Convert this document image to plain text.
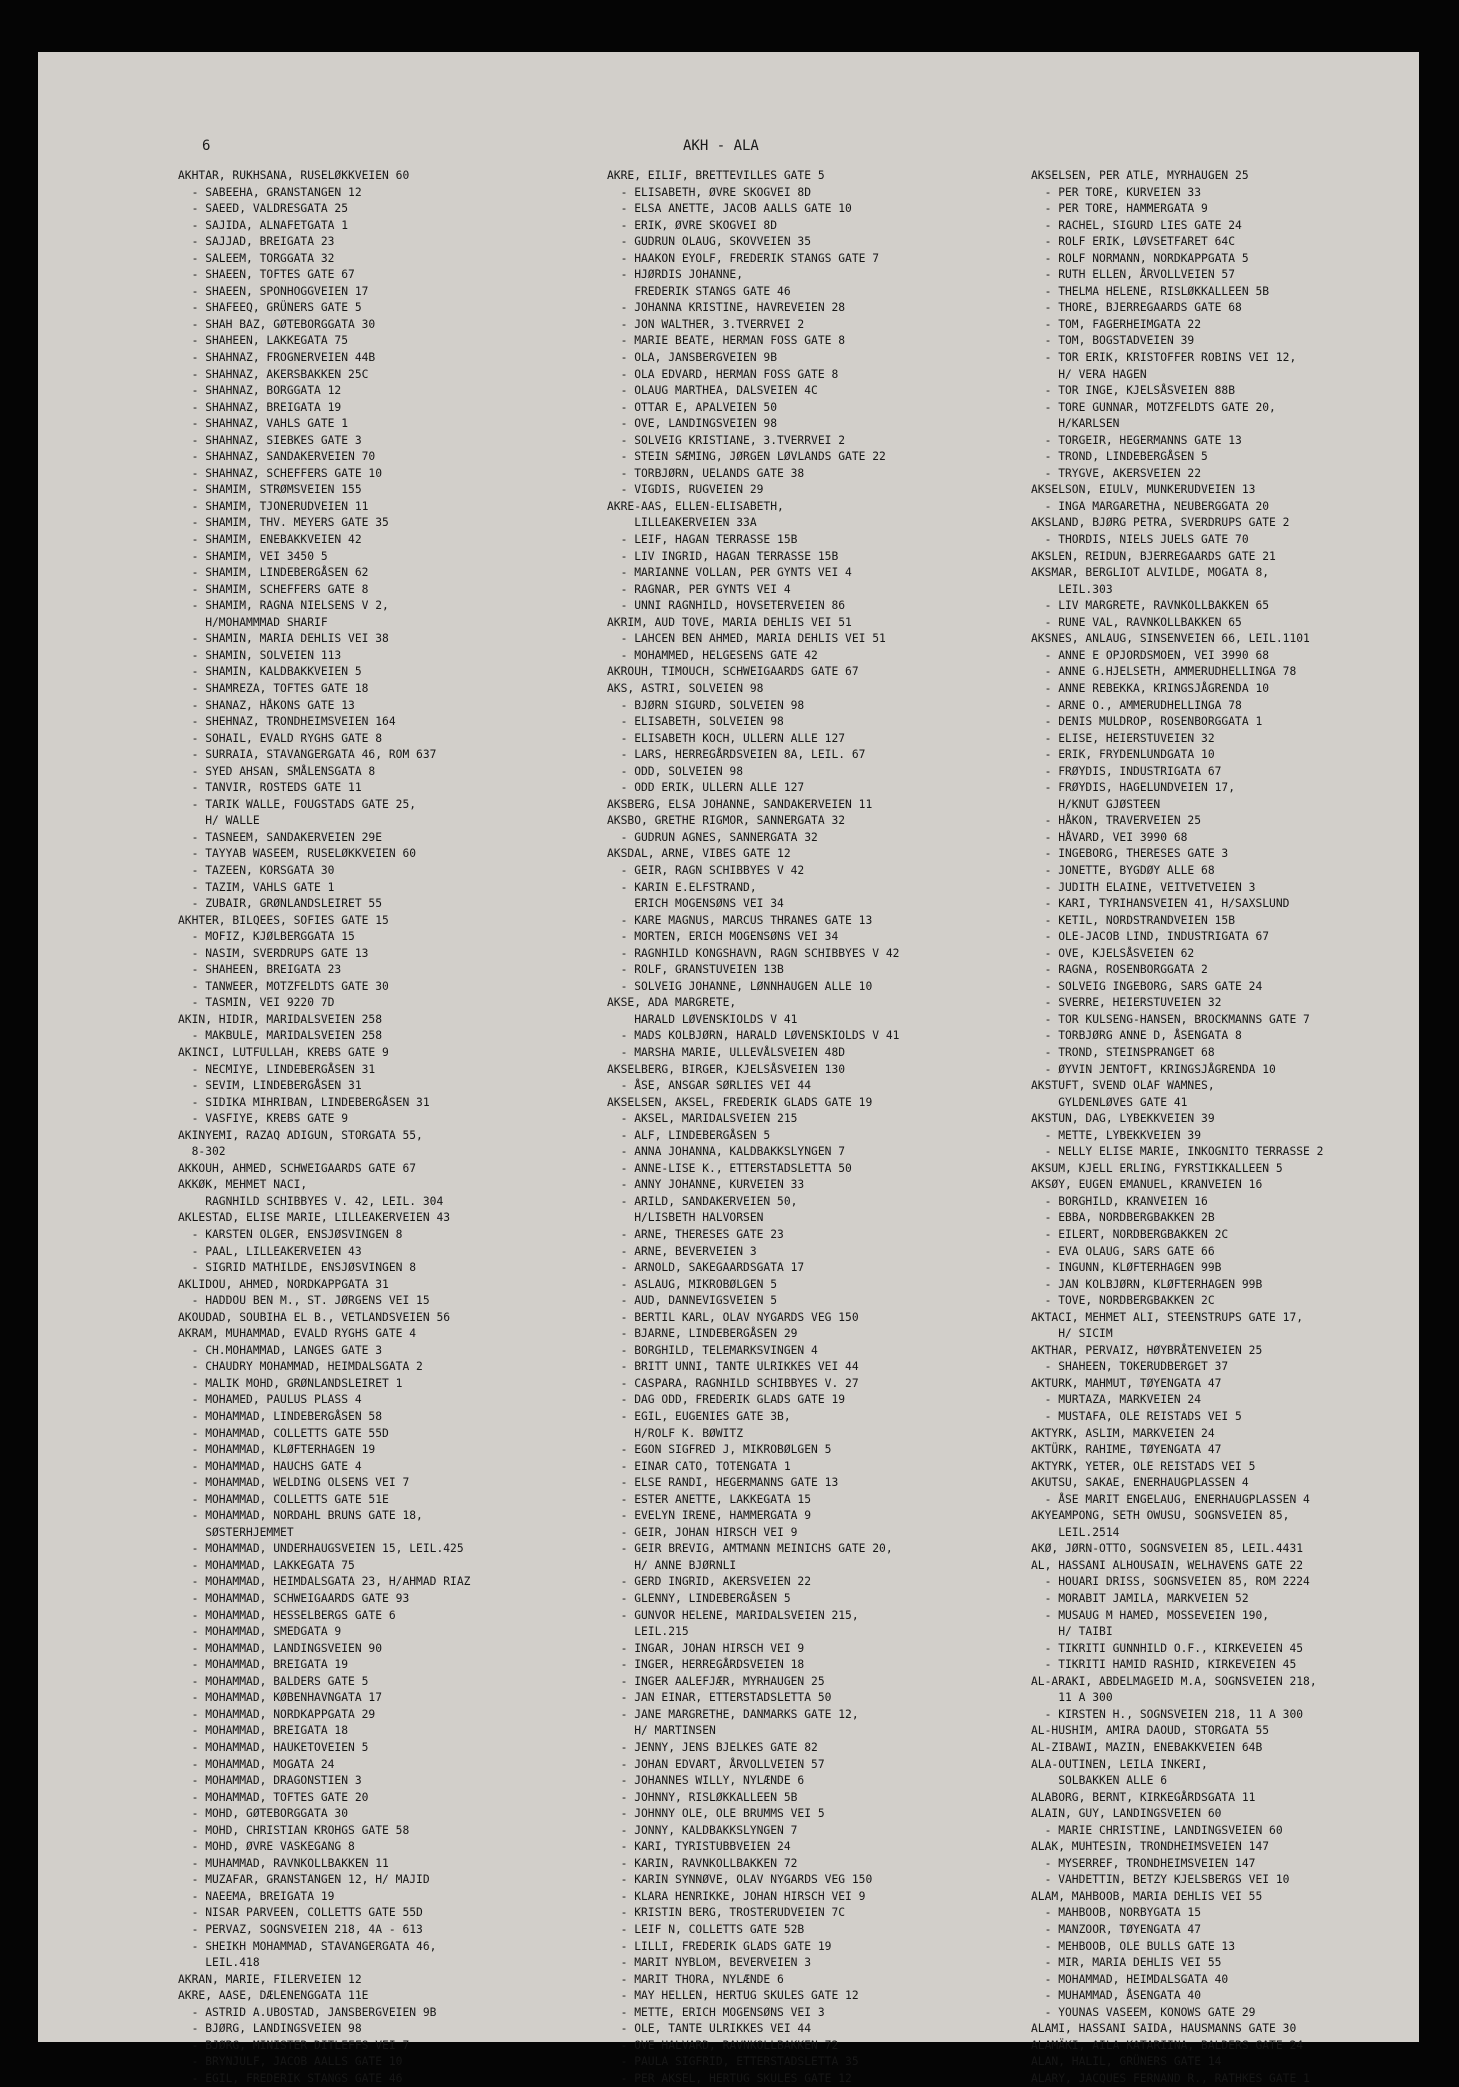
6	AKH - ALA
AKHTAR, RUKHSANA, RUSELØKKVEIEN 60
- SABEEHA, GRANSTANGEN 12
- SAEED, VALDRESGATA 25
- SAJIDA, ALNAFETGATA 1
- SAJJAD, BREIGATA 23
- SALEEM, TORGGATA 32
- SHAEEN, TOFTES GATE 67
- SHAEEN, SPONHOGGVEIEN 17
- SHAFEEQ, GRÜNERS GATE 5
- SHAH BAZ, GØTEBORGGATA 30
- SHAHEEN, LAKKEGATA 75
- SHAHNAZ, FROGNERVEIEN 44B
- SHAHNAZ, AKERSBAKKEN 25C
- SHAHNAZ, BORGGATA 12
- SHAHNAZ, BREIGATA 19
- SHAHNAZ, VAHLS GATE 1
- SHAHNAZ, SIEBKES GATE 3
- SHAHNAZ, SANDAKERVEIEN 70
- SHAHNAZ, SCHEFFERS GATE 10
- SHAMIM, STRØMSVEIEN 155
- SHAMIM, TJONERUDVEIEN 11
- SHAMIM, THV. MEYERS GATE 35
- SHAMIM, ENEBAKKVEIEN 42
- SHAMIM, VEI 3450 5
- SHAMIM, LINDEBERGÅSEN 62
- SHAMIM, SCHEFFERS GATE 8
- SHAMIM, RAGNA NIELSENS V 2,
H/MOHAMMMAD SHARIF
- SHAMIN, MARIA DEHLIS VEI 38
- SHAMIN, SOLVEIEN 113
- SHAMIN, KALDBAKKVEIEN 5
- SHAMREZA, TOFTES GATE 18
- SHANAZ, HÅKONS GATE 13
- SHEHNAZ, TRONDHEIMSVEIEN 164
- SOHAIL, EVALD RYGHS GATE 8
- SURRAIA, STAVANGERGATA 46, ROM 637
- SYED AHSAN, SMÅLENSGATA 8
- TANVIR, ROSTEDS GATE 11
- TARIK WALLE, FOUGSTADS GATE 25,
H/ WALLE
- TASNEEM, SANDAKERVEIEN 29E
- TAYYAB WASEEM, RUSELØKKVEIEN 60
- TAZEEN, KORSGATA 30
- TAZIM, VAHLS GATE 1
- ZUBAIR, GRØNLANDSLEIRET 55
AKHTER, BILQEES, SOFIES GATE 15
- MOFIZ, KJØLBERGGATA 15
- NASIM, SVERDRUPS GATE 13
- SHAHEEN, BREIGATA 23
- TANWEER, MOTZFELDTS GATE 30
- TASMIN, VEI 9220 7D
AKIN, HIDIR, MARIDALSVEIEN 258
- MAKBULE, MARIDALSVEIEN 258
AKINCI, LUTFULLAH, KREBS GATE 9
- NECMIYE, LINDEBERGÅSEN 31
- SEVIM, LINDEBERGÅSEN 31
- SIDIKA MIHRIBAN, LINDEBERGÅSEN 31
- VASFIYE, KREBS GATE 9
AKINYEMI, RAZAQ ADIGUN, STORGATA 55,
8-302
AKKOUH, AHMED, SCHWEIGAARDS GATE 67
AKKØK, MEHMET NACI,
RAGNHILD SCHIBBYES V. 42, LEIL. 304
AKLESTAD, ELISE MARIE, LILLEAKERVEIEN 43
- KARSTEN OLGER, ENSJØSVINGEN 8
- PAAL, LILLEAKERVEIEN 43
- SIGRID MATHILDE, ENSJØSVINGEN 8
AKLIDOU, AHMED, NORDKAPPGATA 31
- HADDOU BEN M., ST. JØRGENS VEI 15
AKOUDAD, SOUBIHA EL B., VETLANDSVEIEN 56
AKRAM, MUHAMMAD, EVALD RYGHS GATE 4
- CH.MOHAMMAD, LANGES GATE 3
- CHAUDRY MOHAMMAD, HEIMDALSGATA 2
- MALIK MOHD, GRØNLANDSLEIRET 1
- MOHAMED, PAULUS PLASS 4
- MOHAMMAD, LINDEBERGÅSEN 58
- MOHAMMAD, COLLETTS GATE 55D
- MOHAMMAD, KLØFTERHAGEN 19
- MOHAMMAD, HAUCHS GATE 4
- MOHAMMAD, WELDING OLSENS VEI 7
- MOHAMMAD, COLLETTS GATE 51E
- MOHAMMAD, NORDAHL BRUNS GATE 18,
SØSTERHJEMMET
- MOHAMMAD, UNDERHAUGSVEIEN 15, LEIL.425
- MOHAMMAD, LAKKEGATA 75
- MOHAMMAD, HEIMDALSGATA 23, H/AHMAD RIAZ
- MOHAMMAD, SCHWEIGAARDS GATE 93
- MOHAMMAD, HESSELBERGS GATE 6
- MOHAMMAD, SMEDGATA 9
- MOHAMMAD, LANDINGSVEIEN 90
- MOHAMMAD, BREIGATA 19
- MOHAMMAD, BALDERS GATE 5
- MOHAMMAD, KØBENHAVNGATA 17
- MOHAMMAD, NORDKAPPGATA 29
- MOHAMMAD, BREIGATA 18
- MOHAMMAD, HAUKETOVEIEN 5
- MOHAMMAD, MOGATA 24
- MOHAMMAD, DRAGONSTIEN 3
- MOHAMMAD, TOFTES GATE 20
- MOHD, GØTEBORGGATA 30
- MOHD, CHRISTIAN KROHGS GATE 58
- MOHD, ØVRE VASKEGANG 8
- MUHAMMAD, RAVNKOLLBAKKEN 11
- MUZAFAR, GRANSTANGEN 12, H/ MAJID
- NAEEMA, BREIGATA 19
- NISAR PARVEEN, COLLETTS GATE 55D
- PERVAZ, SOGNSVEIEN 218, 4A - 613
- SHEIKH MOHAMMAD, STAVANGERGATA 46,
LEIL.418
AKRAN, MARIE, FILERVEIEN 12
AKRE, AASE, DÆLENENGGATA 11E
- ASTRID A.UBOSTAD, JANSBERGVEIEN 9B
- BJØRG, LANDINGSVEIEN 98
- BJØRG, MINISTER DITLEFFS VEI 7
- BRYNJULF, JACOB AALLS GATE 10
- EGIL, FREDERIK STANGS GATE 46
AKRE, EILIF, BRETTEVILLES GATE 5
- ELISABETH, ØVRE SKOGVEI 8D
- ELSA ANETTE, JACOB AALLS GATE 10
- ERIK, ØVRE SKOGVEI 8D
- GUDRUN OLAUG, SKOVVEIEN 35
- HAAKON EYOLF, FREDERIK STANGS GATE 7
- HJØRDIS JOHANNE,
FREDERIK STANGS GATE 46
- JOHANNA KRISTINE, HAVREVEIEN 28
- JON WALTHER, 3.TVERRVEI 2
- MARIE BEATE, HERMAN FOSS GATE 8
- OLA, JANSBERGVEIEN 9B
- OLA EDVARD, HERMAN FOSS GATE 8
- OLAUG MARTHEA, DALSVEIEN 4C
- OTTAR E, APALVEIEN 50
- OVE, LANDINGSVEIEN 98
- SOLVEIG KRISTIANE, 3.TVERRVEI 2
- STEIN SÆMING, JØRGEN LØVLANDS GATE 22
- TORBJØRN, UELANDS GATE 38
- VIGDIS, RUGVEIEN 29
AKRE-AAS, ELLEN-ELISABETH,
LILLEAKERVEIEN 33A
- LEIF, HAGAN TERRASSE 15B
- LIV INGRID, HAGAN TERRASSE 15B
- MARIANNE VOLLAN, PER GYNTS VEI 4
- RAGNAR, PER GYNTS VEI 4
- UNNI RAGNHILD, HOVSETERVEIEN 86
AKRIM, AUD TOVE, MARIA DEHLIS VEI 51
- LAHCEN BEN AHMED, MARIA DEHLIS VEI 51
- MOHAMMED, HELGESENS GATE 42
AKROUH, TIMOUCH, SCHWEIGAARDS GATE 67
AKS, ASTRI, SOLVEIEN 98
- BJØRN SIGURD, SOLVEIEN 98
- ELISABETH, SOLVEIEN 98
- ELISABETH KOCH, ULLERN ALLE 127
- LARS, HERREGÅRDSVEIEN 8A, LEIL. 67
- ODD, SOLVEIEN 98
- ODD ERIK, ULLERN ALLE 127
AKSBERG, ELSA JOHANNE, SANDAKERVEIEN 11
AKSBO, GRETHE RIGMOR, SANNERGATA 32
- GUDRUN AGNES, SANNERGATA 32
AKSDAL, ARNE, VIBES GATE 12
- GEIR, RAGN SCHIBBYES V 42
- KARIN E.ELFSTRAND,
ERICH MOGENSØNS VEI 34
- KARE MAGNUS, MARCUS THRANES GATE 13
- MORTEN, ERICH MOGENSØNS VEI 34
- RAGNHILD KONGSHAVN, RAGN SCHIBBYES V 42
- ROLF, GRANSTUVEIEN 13B
- SOLVEIG JOHANNE, LØNNHAUGEN ALLE 10
AKSE, ADA MARGRETE,
HARALD LØVENSKIOLDS V 41
- MADS KOLBJØRN, HARALD LØVENSKIOLDS V 41
- MARSHA MARIE, ULLEVÅLSVEIEN 48D
AKSELBERG, BIRGER, KJELSÅSVEIEN 130
- ÅSE, ANSGAR SØRLIES VEI 44
AKSELSEN, AKSEL, FREDERIK GLADS GATE 19
- AKSEL, MARIDALSVEIEN 215
- ALF, LINDEBERGÅSEN 5
- ANNA JOHANNA, KALDBAKKSLYNGEN 7
- ANNE-LISE K., ETTERSTADSLETTA 50
- ANNY JOHANNE, KURVEIEN 33
- ARILD, SANDAKERVEIEN 50,
H/LISBETH HALVORSEN
- ARNE, THERESES GATE 23
- ARNE, BEVERVEIEN 3
- ARNOLD, SAKEGAARDSGATA 17
- ASLAUG, MIKROBØLGEN 5
- AUD, DANNEVIGSVEIEN 5
- BERTIL KARL, OLAV NYGARDS VEG 150
- BJARNE, LINDEBERGÅSEN 29
- BORGHILD, TELEMARKSVINGEN 4
- BRITT UNNI, TANTE ULRIKKES VEI 44
- CASPARA, RAGNHILD SCHIBBYES V. 27
- DAG ODD, FREDERIK GLADS GATE 19
- EGIL, EUGENIES GATE 3B,
H/ROLF K. BØWITZ
- EGON SIGFRED J, MIKROBØLGEN 5
- EINAR CATO, TOTENGATA 1
- ELSE RANDI, HEGERMANNS GATE 13
- ESTER ANETTE, LAKKEGATA 15
- EVELYN IRENE, HAMMERGATA 9
- GEIR, JOHAN HIRSCH VEI 9
- GEIR BREVIG, AMTMANN MEINICHS GATE 20,
H/ ANNE BJØRNLI
- GERD INGRID, AKERSVEIEN 22
- GLENNY, LINDEBERGÅSEN 5
- GUNVOR HELENE, MARIDALSVEIEN 215,
LEIL.215
- INGAR, JOHAN HIRSCH VEI 9
- INGER, HERREGÅRDSVEIEN 18
- INGER AALEFJÆR, MYRHAUGEN 25
- JAN EINAR, ETTERSTADSLETTA 50
- JANE MARGRETHE, DANMARKS GATE 12,
H/ MARTINSEN
- JENNY, JENS BJELKES GATE 82
- JOHAN EDVART, ÅRVOLLVEIEN 57
- JOHANNES WILLY, NYLÆNDE 6
- JOHNNY, RISLØKKALLEEN 5B
- JOHNNY OLE, OLE BRUMMS VEI 5
- JONNY, KALDBAKKSLYNGEN 7
- KARI, TYRISTUBBVEIEN 24
- KARIN, RAVNKOLLBAKKEN 72
- KARIN SYNNØVE, OLAV NYGARDS VEG 150
- KLARA HENRIKKE, JOHAN HIRSCH VEI 9
- KRISTIN BERG, TROSTERUDVEIEN 7C
- LEIF N, COLLETTS GATE 52B
- LILLI, FREDERIK GLADS GATE 19
- MARIT NYBLOM, BEVERVEIEN 3
- MARIT THORA, NYLÆNDE 6
- MAY HELLEN, HERTUG SKULES GATE 12
- METTE, ERICH MOGENSØNS VEI 3
- OLE, TANTE ULRIKKES VEI 44
- OVE HALVARD, RAVNKOLLBAKKEN 72
- PAULA SIGFRID, ETTERSTADSLETTA 35
- PER AKSEL, HERTUG SKULES GATE 12
AKSELSEN, PER ATLE, MYRHAUGEN 25
- PER TORE, KURVEIEN 33
- PER TORE, HAMMERGATA 9
- RACHEL, SIGURD LIES GATE 24
- ROLF ERIK, LØVSETFARET 64C
- ROLF NORMANN, NORDKAPPGATA 5
- RUTH ELLEN, ÅRVOLLVEIEN 57
- THELMA HELENE, RISLØKKALLEEN 5B
- THORE, BJERREGAARDS GATE 68
- TOM, FAGERHEIMGATA 22
- TOM, BOGSTADVEIEN 39
- TOR ERIK, KRISTOFFER ROBINS VEI 12,
H/ VERA HAGEN
- TOR INGE, KJELSÅSVEIEN 88B
- TORE GUNNAR, MOTZFELDTS GATE 20,
H/KARLSEN
- TORGEIR, HEGERMANNS GATE 13
- TROND, LINDEBERGÅSEN 5
- TRYGVE, AKERSVEIEN 22
AKSELSON, EIULV, MUNKERUDVEIEN 13
- INGA MARGARETHA, NEUBERGGATA 20
AKSLAND, BJØRG PETRA, SVERDRUPS GATE 2
- THORDIS, NIELS JUELS GATE 70
AKSLEN, REIDUN, BJERREGAARDS GATE 21
AKSMAR, BERGLIOT ALVILDE, MOGATA 8,
LEIL.303
- LIV MARGRETE, RAVNKOLLBAKKEN 65
- RUNE VAL, RAVNKOLLBAKKEN 65
AKSNES, ANLAUG, SINSENVEIEN 66, LEIL.1101
- ANNE E OPJORDSMOEN, VEI 3990 68
- ANNE G.HJELSETH, AMMERUDHELLINGA 78
- ANNE REBEKKA, KRINGSJÅGRENDA 10
- ARNE O., AMMERUDHELLINGA 78
- DENIS MULDROP, ROSENBORGGATA 1
- ELISE, HEIERSTUVEIEN 32
- ERIK, FRYDENLUNDGATA 10
- FRØYDIS, INDUSTRIGATA 67
- FRØYDIS, HAGELUNDVEIEN 17,
H/KNUT GJØSTEEN
- HÅKON, TRAVERVEIEN 25
- HÅVARD, VEI 3990 68
- INGEBORG, THERESES GATE 3
- JONETTE, BYGDØY ALLE 68
- JUDITH ELAINE, VEITVETVEIEN 3
- KARI, TYRIHANSVEIEN 41, H/SAXSLUND
- KETIL, NORDSTRANDVEIEN 15B
- OLE-JACOB LIND, INDUSTRIGATA 67
- OVE, KJELSÅSVEIEN 62
- RAGNA, ROSENBORGGATA 2
- SOLVEIG INGEBORG, SARS GATE 24
- SVERRE, HEIERSTUVEIEN 32
- TOR KULSENG-HANSEN, BROCKMANNS GATE 7
- TORBJØRG ANNE D, ÅSENGATA 8
- TROND, STEINSPRANGET 68
- ØYVIN JENTOFT, KRINGSJÅGRENDA 10
AKSTUFT, SVEND OLAF WAMNES,
GYLDENLØVES GATE 41
AKSTUN, DAG, LYBEKKVEIEN 39
- METTE, LYBEKKVEIEN 39
- NELLY ELISE MARIE, INKOGNITO TERRASSE 2
AKSUM, KJELL ERLING, FYRSTIKKALLEEN 5
AKSØY, EUGEN EMANUEL, KRANVEIEN 16
- BORGHILD, KRANVEIEN 16
- EBBA, NORDBERGBAKKEN 2B
- EILERT, NORDBERGBAKKEN 2C
- EVA OLAUG, SARS GATE 66
- INGUNN, KLØFTERHAGEN 99B
- JAN KOLBJØRN, KLØFTERHAGEN 99B
- TOVE, NORDBERGBAKKEN 2C
AKTACI, MEHMET ALI, STEENSTRUPS GATE 17,
H/ SICIM
AKTHAR, PERVAIZ, HØYBRÅTENVEIEN 25
- SHAHEEN, TOKERUDBERGET 37
AKTURK, MAHMUT, TØYENGATA 47
- MURTAZA, MARKVEIEN 24
- MUSTAFA, OLE REISTADS VEI 5
AKTYRK, ASLIM, MARKVEIEN 24
AKTÜRK, RAHIME, TØYENGATA 47
AKTYRK, YETER, OLE REISTADS VEI 5
AKUTSU, SAKAE, ENERHAUGPLASSEN 4
- ÅSE MARIT ENGELAUG, ENERHAUGPLASSEN 4
AKYEAMPONG, SETH OWUSU, SOGNSVEIEN 85,
LEIL.2514
AKØ, JØRN-OTTO, SOGNSVEIEN 85, LEIL.4431
AL, HASSANI ALHOUSAIN, WELHAVENS GATE 22
- HOUARI DRISS, SOGNSVEIEN 85, ROM 2224
- MORABIT JAMILA, MARKVEIEN 52
- MUSAUG M HAMED, MOSSEVEIEN 190,
H/ TAIBI
- TIKRITI GUNNHILD O.F., KIRKEVEIEN 45
- TIKRITI HAMID RASHID, KIRKEVEIEN 45
AL-ARAKI, ABDELMAGEID M.A, SOGNSVEIEN 218,
11 A 300
- KIRSTEN H., SOGNSVEIEN 218, 11 A 300
AL-HUSHIM, AMIRA DAOUD, STORGATA 55
AL-ZIBAWI, MAZIN, ENEBAKKVEIEN 64B
ALA-OUTINEN, LEILA INKERI,
SOLBAKKEN ALLE 6
ALABORG, BERNT, KIRKEGÅRDSGATA 11
ALAIN, GUY, LANDINGSVEIEN 60
- MARIE CHRISTINE, LANDINGSVEIEN 60
ALAK, MUHTESIN, TRONDHEIMSVEIEN 147
- MYSERREF, TRONDHEIMSVEIEN 147
- VAHDETTIN, BETZY KJELSBERGS VEI 10
ALAM, MAHBOOB, MARIA DEHLIS VEI 55
- MAHBOOB, NORBYGATA 15
- MANZOOR, TØYENGATA 47
- MEHBOOB, OLE BULLS GATE 13
- MIR, MARIA DEHLIS VEI 55
- MOHAMMAD, HEIMDALSGATA 40
- MUHAMMAD, ÅSENGATA 40
- YOUNAS VASEEM, KONOWS GATE 29
ALAMI, HASSANI SAIDA, HAUSMANNS GATE 30
ALAMÄKI, AILA KATARIINA, BALDERS GATE 24
ALAN, HALIL, GRÜNERS GATE 14
ALARY, JACQUES FERNAND R., RATHKES GATE 1
